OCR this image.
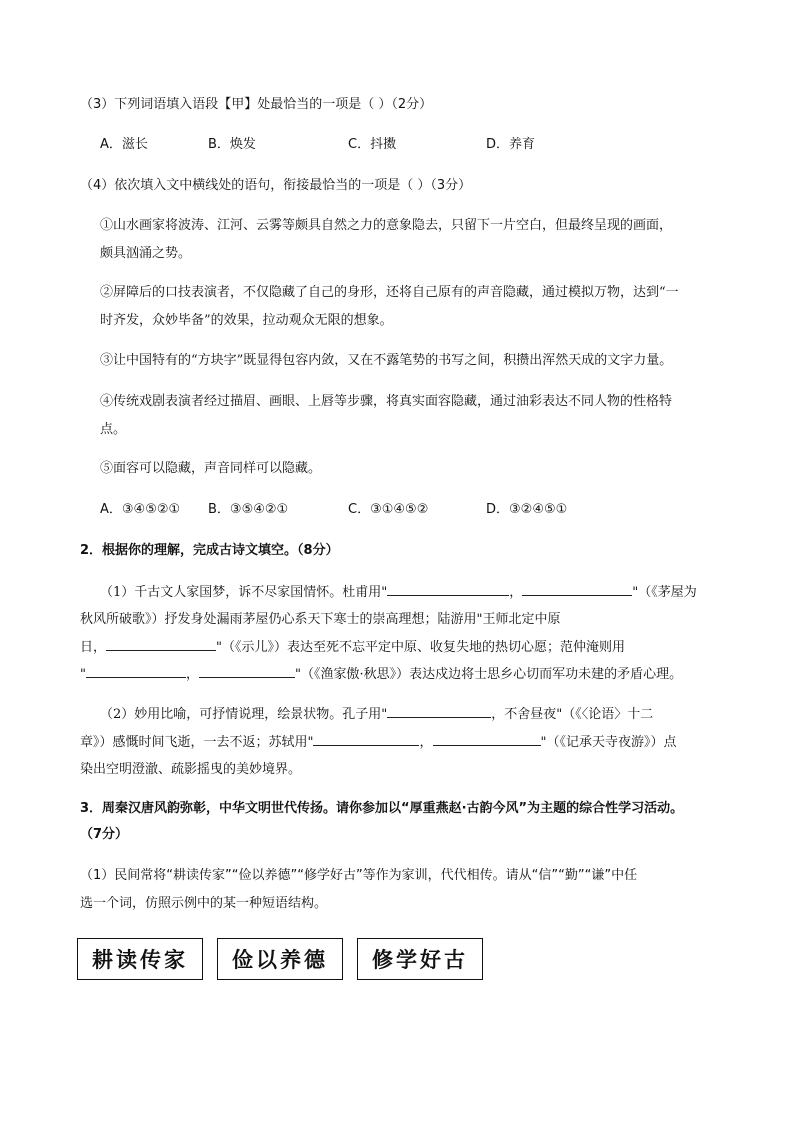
（3）下列词语填入语段【甲】处最恰当的一项是（ ）（2分）
A．滋长	B．焕发	C．抖擞	D．养育
（4）依次填入文中横线处的语句，衔接最恰当的一项是（ ）（3分）
①山水画家将波涛、江河、云雾等颇具自然之力的意象隐去，只留下一片空白，但最终呈现的画面，
颇具汹涌之势。
②屏障后的口技表演者，不仅隐藏了自己的身形，还将自己原有的声音隐藏，通过模拟万物，达到“一
时齐发，众妙毕备”的效果，拉动观众无限的想象。
③让中国特有的“方块字”既显得包容内敛，又在不露笔势的书写之间，积攒出浑然天成的文字力量。
④传统戏剧表演者经过描眉、画眼、上唇等步骤，将真实面容隐藏，通过油彩表达不同人物的性格特
点。
⑤面容可以隐藏，声音同样可以隐藏。
A．③④⑤②① B．③⑤④②①	C．③①④⑤②	D．③②④⑤①
2．根据你的理解，完成古诗文填空。（8分）
（1）千古文人家国梦，诉不尽家国情怀。杜甫用"	，	"（《茅屋为
秋风所破歌》）抒发身处漏雨茅屋仍心系天下寒士的崇高理想；陆游用"王师北定中原
日，	"（《示儿》）表达至死不忘平定中原、收复失地的热切心愿；范仲淹则用
"	，	"（《渔家傲·秋思》）表达戍边将士思乡心切而军功未建的矛盾心理。
（2）妙用比喻，可抒情说理，绘景状物。孔子用"	，不舍昼夜"（《〈论语〉十二
章》）感慨时间飞逝，一去不返；苏轼用"	，	"（《记承天寺夜游》）点
染出空明澄澈、疏影摇曳的美妙境界。
3．周秦汉唐风韵弥彰，中华文明世代传扬。请你参加以“厚重燕赵·古韵今风”为主题的综合性学习活动。
（7分）
（1）民间常将“耕读传家”“俭以养德”“修学好古”等作为家训，代代相传。请从“信”“勤”“谦”中任
选一个词，仿照示例中的某一种短语结构。
耕读传家	俭以养德	修学好古
